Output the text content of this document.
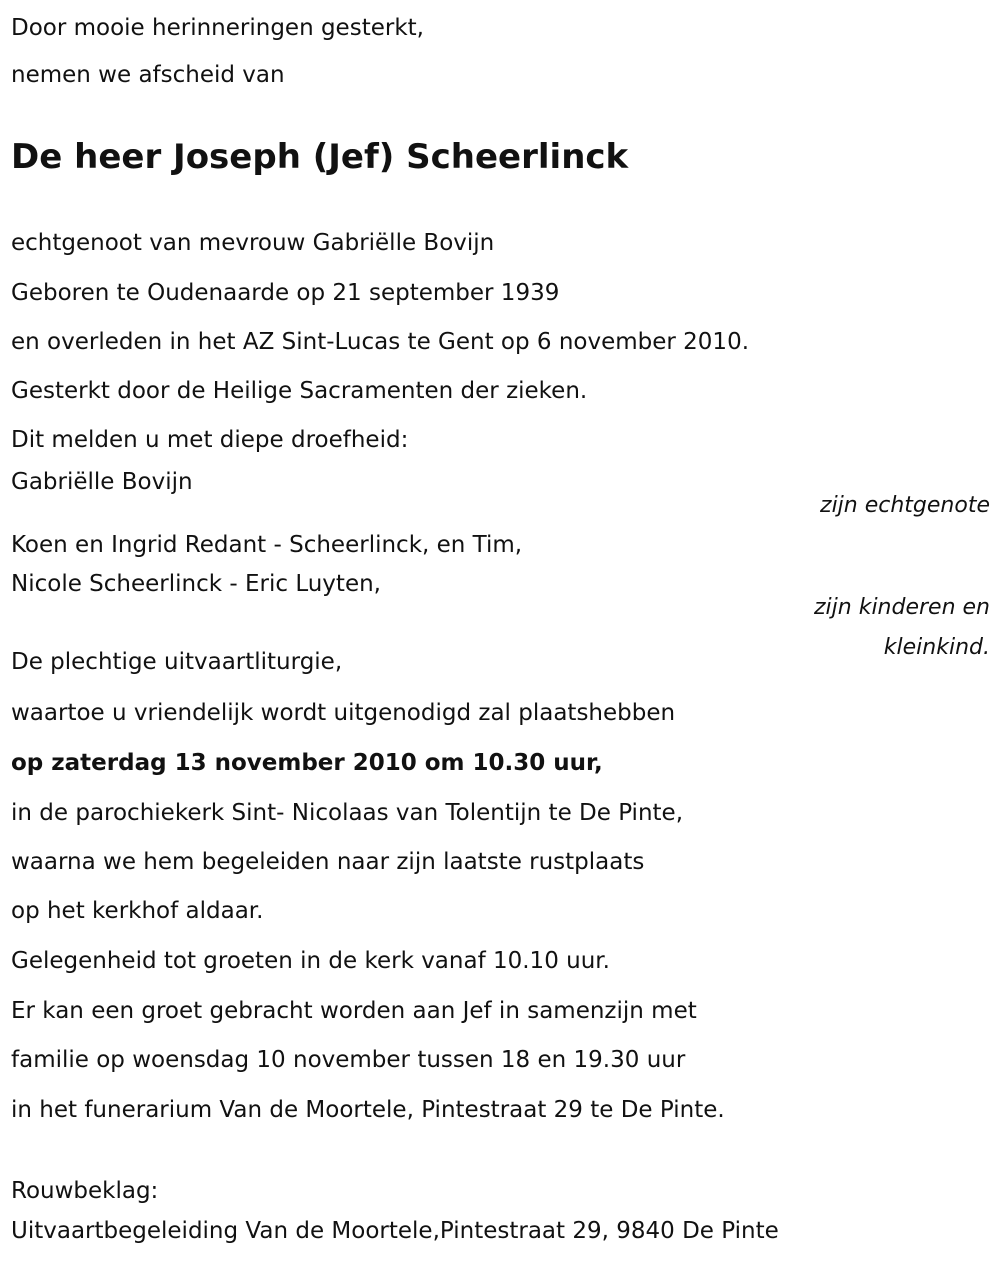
Door mooie herinneringen gesterkt,
nemen we afscheid van
De heer Joseph (Jef) Scheerlinck
echtgenoot van mevrouw Gabriëlle Bovijn
Geboren te Oudenaarde op 21 september 1939
en overleden in het AZ Sint-Lucas te Gent op 6 november 2010.
Gesterkt door de Heilige Sacramenten der zieken.
Dit melden u met diepe droefheid:
Gabriëlle Bovijn
zijn echtgenote
Koen en Ingrid Redant - Scheerlinck, en Tim,
Nicole Scheerlinck - Eric Luyten,
zijn kinderen en
kleinkind.
De plechtige uitvaartliturgie,
waartoe u vriendelijk wordt uitgenodigd zal plaatshebben
op zaterdag 13 november 2010 om 10.30 uur,
in de parochiekerk Sint- Nicolaas van Tolentijn te De Pinte,
waarna we hem begeleiden naar zijn laatste rustplaats
op het kerkhof aldaar.
Gelegenheid tot groeten in de kerk vanaf 10.10 uur.
Er kan een groet gebracht worden aan Jef in samenzijn met
familie op woensdag 10 november tussen 18 en 19.30 uur
in het funerarium Van de Moortele, Pintestraat 29 te De Pinte.
Rouwbeklag:
Uitvaartbegeleiding Van de Moortele,Pintestraat 29, 9840 De Pinte
